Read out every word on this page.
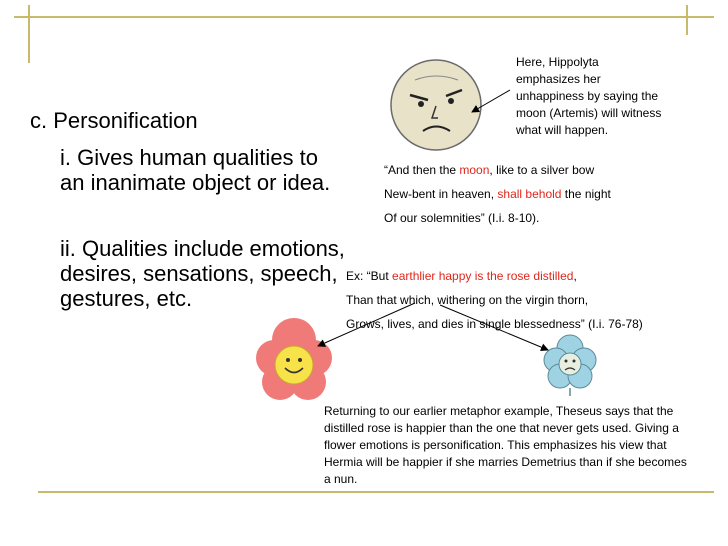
c. Personification
i. Gives human qualities to an inanimate object or idea.
ii. Qualities include emotions, desires, sensations, speech, gestures, etc.
Here, Hippolyta emphasizes her unhappiness by saying the moon (Artemis) will witness what will happen.
“And then the moon, like to a silver bow
New-bent in heaven, shall behold the night
Of our solemnities” (I.i. 8-10).
Ex: “But earthlier happy is the rose distilled,
Than that which, withering on the virgin thorn,
Grows, lives, and dies in single blessedness” (I.i. 76-78)
Returning to our earlier metaphor example, Theseus says that the distilled rose is happier than the one that never gets used. Giving a flower emotions is personification. This emphasizes his view that Hermia will be happier if she marries Demetrius than if she becomes a nun.
